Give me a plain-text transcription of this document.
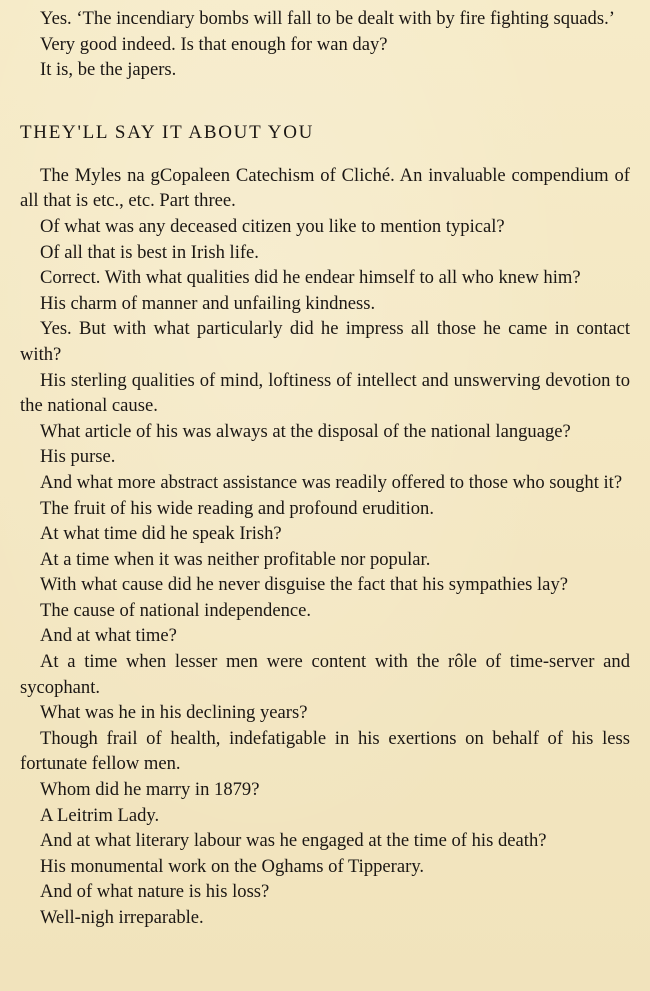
Yes. ‘The incendiary bombs will fall to be dealt with by fire fighting squads.’

Very good indeed. Is that enough for wan day?

It is, be the japers.

THEY'LL SAY IT ABOUT YOU

The Myles na gCopaleen Catechism of Cliché. An invaluable compendium of all that is etc., etc. Part three.

Of what was any deceased citizen you like to mention typical?

Of all that is best in Irish life.

Correct. With what qualities did he endear himself to all who knew him?

His charm of manner and unfailing kindness.

Yes. But with what particularly did he impress all those he came in contact with?

His sterling qualities of mind, loftiness of intellect and unswerving devotion to the national cause.

What article of his was always at the disposal of the national language?

His purse.

And what more abstract assistance was readily offered to those who sought it?

The fruit of his wide reading and profound erudition.

At what time did he speak Irish?

At a time when it was neither profitable nor popular.

With what cause did he never disguise the fact that his sympathies lay?

The cause of national independence.

And at what time?

At a time when lesser men were content with the rôle of time-server and sycophant.

What was he in his declining years?

Though frail of health, indefatigable in his exertions on behalf of his less fortunate fellow men.

Whom did he marry in 1879?

A Leitrim Lady.

And at what literary labour was he engaged at the time of his death?

His monumental work on the Oghams of Tipperary.

And of what nature is his loss?

Well-nigh irreparable.
